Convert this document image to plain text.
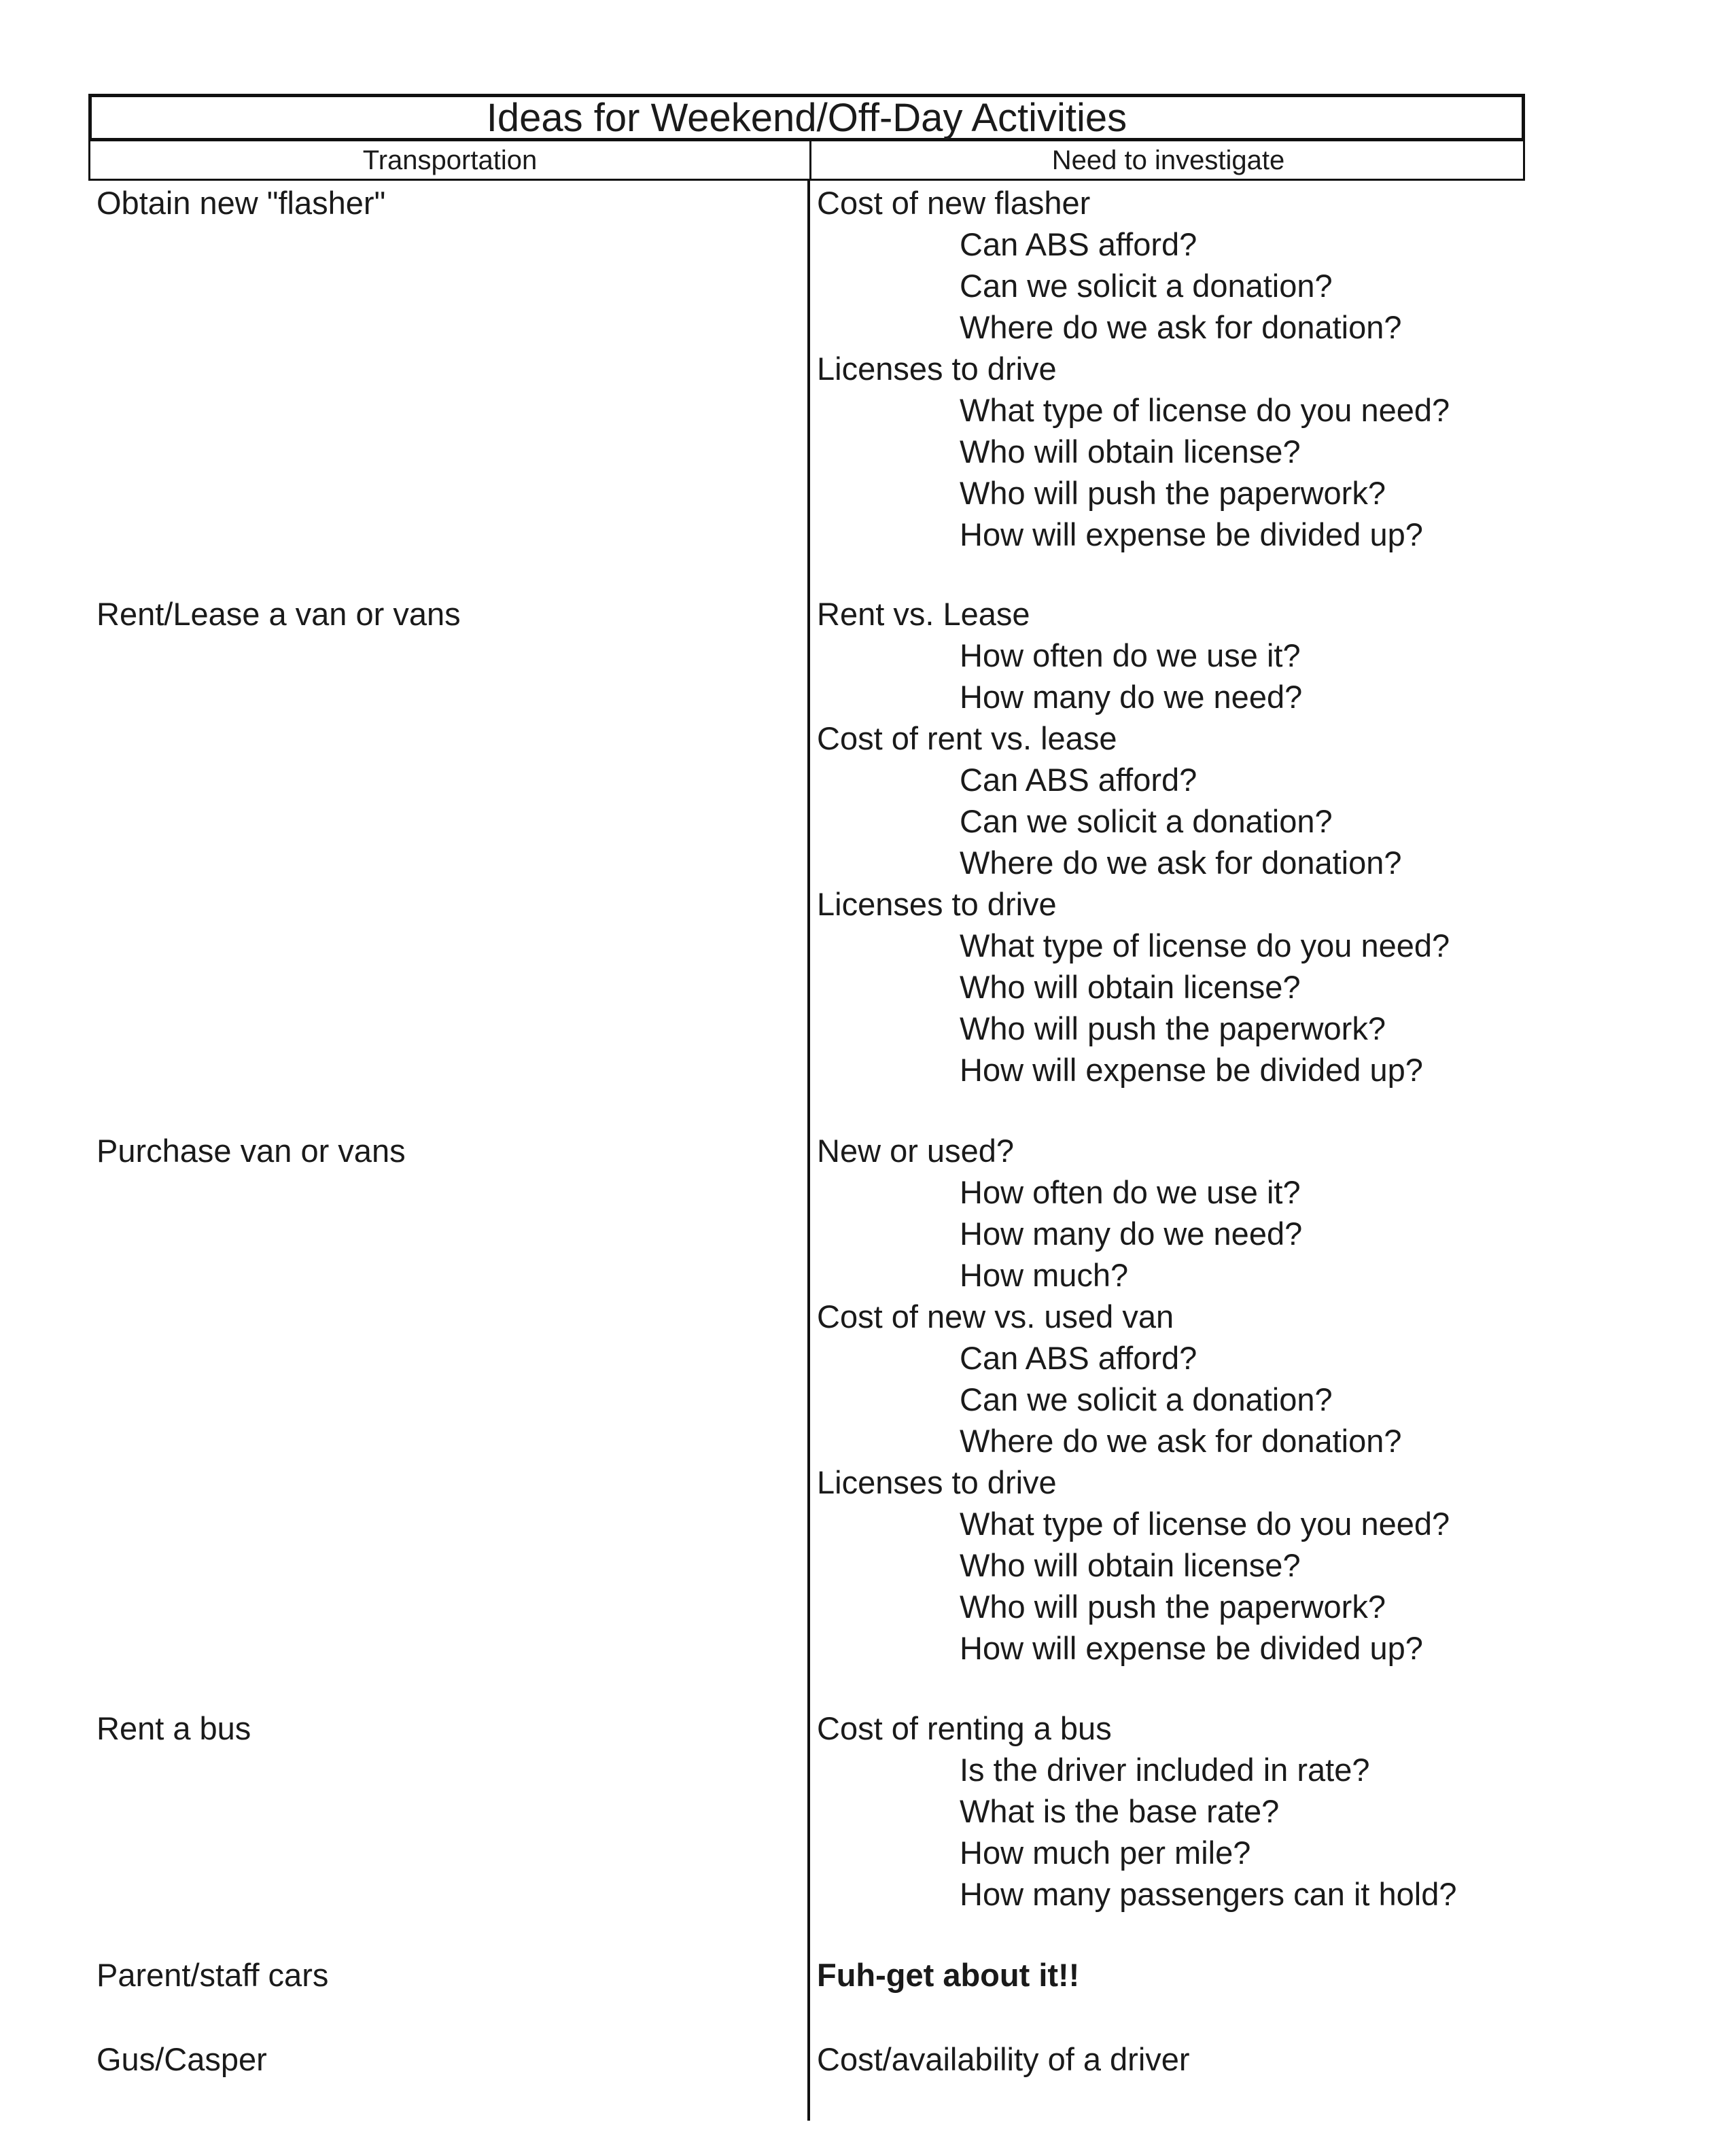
Ideas for Weekend/Off-Day Activities
Transportation	Need to investigate
Obtain new "flasher"	Cost of new flasher
Can ABS afford?
Can we solicit a donation?
Where do we ask for donation?
Licenses to drive
What type of license do you need?
Who will obtain license?
Who will push the paperwork?
How will expense be divided up?
Rent/Lease a van or vans	Rent vs. Lease
How often do we use it?
How many do we need?
Cost of rent vs. lease
Can ABS afford?
Can we solicit a donation?
Where do we ask for donation?
Licenses to drive
What type of license do you need?
Who will obtain license?
Who will push the paperwork?
How will expense be divided up?
Purchase van or vans	New or used?
How often do we use it?
How many do we need?
How much?
Cost of new vs. used van
Can ABS afford?
Can we solicit a donation?
Where do we ask for donation?
Licenses to drive
What type of license do you need?
Who will obtain license?
Who will push the paperwork?
How will expense be divided up?
Rent a bus	Cost of renting a bus
Is the driver included in rate?
What is the base rate?
How much per mile?
How many passengers can it hold?
Parent/staff cars	Fuh-get about it!!
Gus/Casper	Cost/availability of a driver
